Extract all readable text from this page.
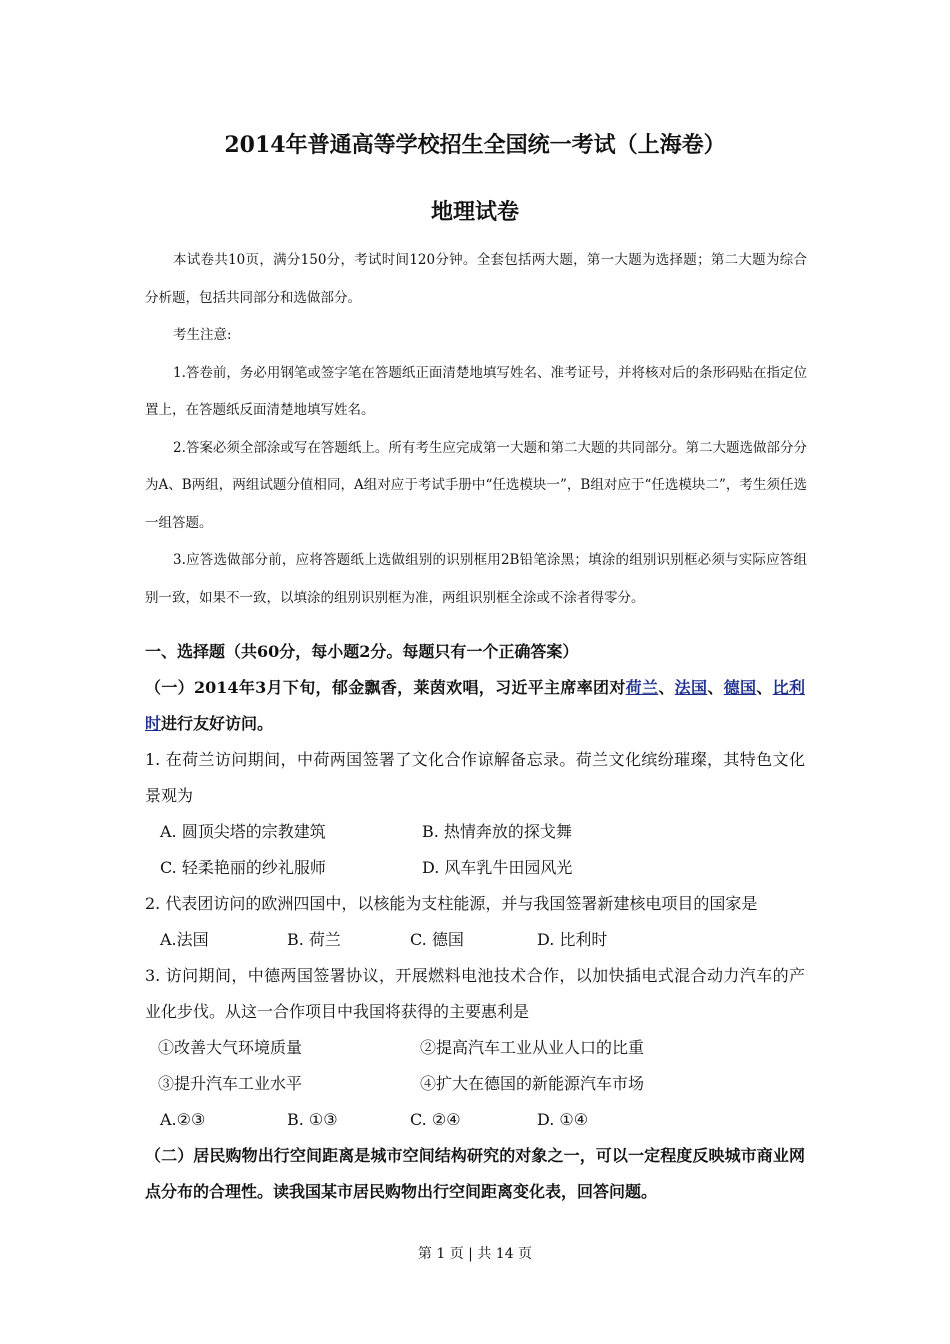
2014年普通高等学校招生全国统一考试（上海卷）
地理试卷

本试卷共10页，满分150分，考试时间120分钟。全套包括两大题，第一大题为选择题；第二大题为综合分析题，包括共同部分和选做部分。

考生注意:

1.答卷前，务必用钢笔或签字笔在答题纸正面清楚地填写姓名、准考证号，并将核对后的条形码贴在指定位置上，在答题纸反面清楚地填写姓名。

2.答案必须全部涂或写在答题纸上。所有考生应完成第一大题和第二大题的共同部分。第二大题选做部分分为A、B两组，两组试题分值相同，A组对应于考试手册中“任选模块一”，B组对应于“任选模块二”，考生须任选一组答题。

3.应答选做部分前，应将答题纸上选做组别的识别框用2B铅笔涂黑；填涂的组别识别框必须与实际应答组别一致，如果不一致，以填涂的组别识别框为准，两组识别框全涂或不涂者得零分。

一、选择题（共60分，每小题2分。每题只有一个正确答案）

（一）2014年3月下旬，郁金飘香，莱茵欢唱，习近平主席率团对荷兰、法国、德国、比利时进行友好访问。

1. 在荷兰访问期间，中荷两国签署了文化合作谅解备忘录。荷兰文化缤纷璀璨，其特色文化景观为

A. 圆顶尖塔的宗教建筑	B. 热情奔放的探戈舞
C. 轻柔艳丽的纱礼服师	D. 风车乳牛田园风光

2. 代表团访问的欧洲四国中，以核能为支柱能源，并与我国签署新建核电项目的国家是

A.法国	B. 荷兰	C. 德国	D. 比利时

3. 访问期间，中德两国签署协议，开展燃料电池技术合作，以加快插电式混合动力汽车的产业化步伐。从这一合作项目中我国将获得的主要惠利是

①改善大气环境质量	②提高汽车工业从业人口的比重
③提升汽车工业水平	④扩大在德国的新能源汽车市场
A.②③	B. ①③	C. ②④	D. ①④

（二）居民购物出行空间距离是城市空间结构研究的对象之一，可以一定程度反映城市商业网点分布的合理性。读我国某市居民购物出行空间距离变化表，回答问题。

第 1 页 | 共 14 页
